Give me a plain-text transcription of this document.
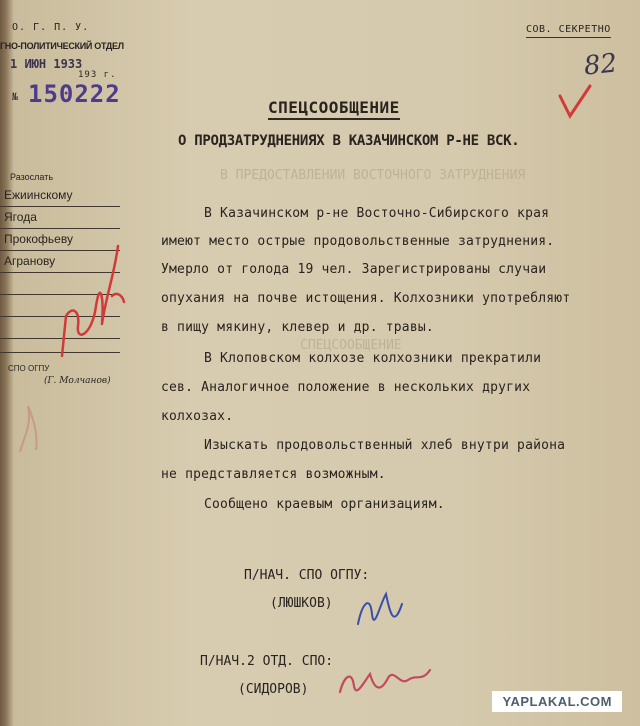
О. Г. П. У.
ГНО-ПОЛИТИЧЕСКИЙ ОТДЕЛ
1 ИЮН 1933
193 г.
№ 150222
СОВ. СЕКРЕТНО
82
СПЕЦСООБЩЕНИЕ
О ПРОДЗАТРУДНЕНИЯХ В КАЗАЧИНСКОМ Р-НЕ ВСК.
Разослать
Ежиинскому
Ягода
Прокофьеву
Агранову
СПО ОГПУ
(Г. Молчанов)
В ПРЕДОСТАВЛЕНИИ ВОСТОЧНОГО ЗАТРУДНЕНИЯ
СПЕЦСООБЩЕНИЕ
В Казачинском р-не Восточно-Сибирского края
имеют место острые продовольственные затруднения.
Умерло от голода 19 чел. Зарегистрированы случаи
опухания на почве истощения. Колхозники употребляют
в пищу мякину, клевер и др. травы.
В Клоповском колхозе колхозники прекратили
сев. Аналогичное положение в нескольких других
колхозах.
Изыскать продовольственный хлеб внутри района
не представляется возможным.
Сообщено краевым организациям.
П/НАЧ. СПО ОГПУ:
(ЛЮШКОВ)
П/НАЧ.2 ОТД. СПО:
(СИДОРОВ)
YAPLAKAL.COM
